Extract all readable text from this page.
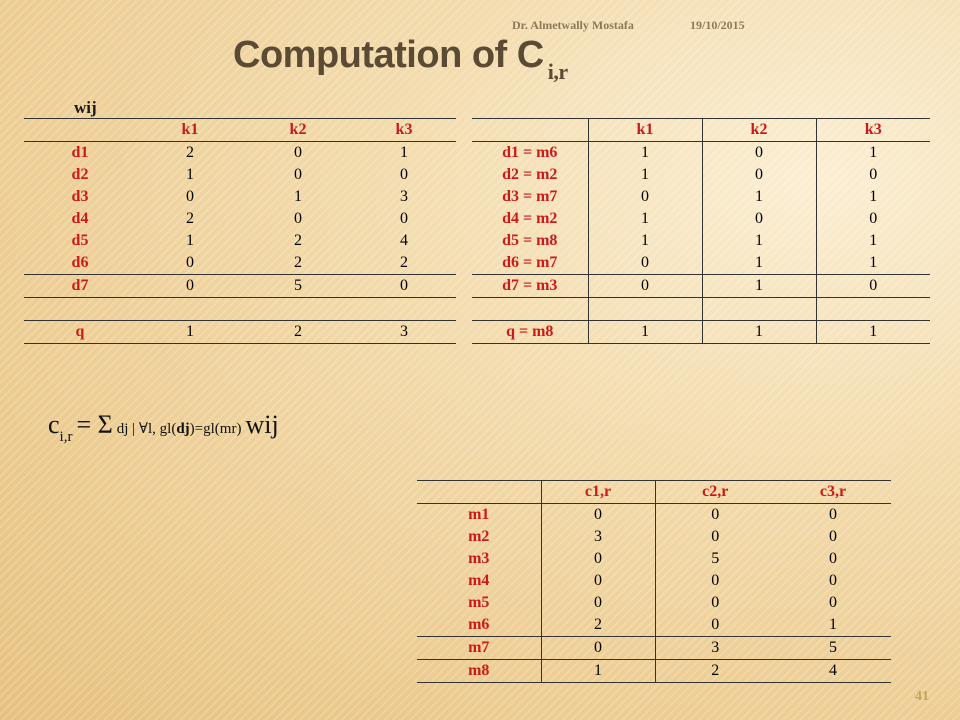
Dr. Almetwally Mostafa	19/10/2015
Computation of C $_{i,r}$
wij
	k1	k2	k3
d1	2	0	1
d2	1	0	0
d3	0	1	3
d4	2	0	0
d5	1	2	4
d6	0	2	2
d7	0	5	0

q	1	2	3
	k1	k2	k3
d1 = m6	1	0	1
d2 = m2	1	0	0
d3 = m7	0	1	1
d4 = m2	1	0	0
d5 = m8	1	1	1
d6 = m7	0	1	1
d7 = m3	0	1	0

q = m8	1	1	1
ci,r = Σ dj | ∀l, gl(dj)=gl(mr) wij
	c1,r	c2,r	c3,r
m1	0	0	0
m2	3	0	0
m3	0	5	0
m4	0	0	0
m5	0	0	0
m6	2	0	1
m7	0	3	5
m8	1	2	4
41
